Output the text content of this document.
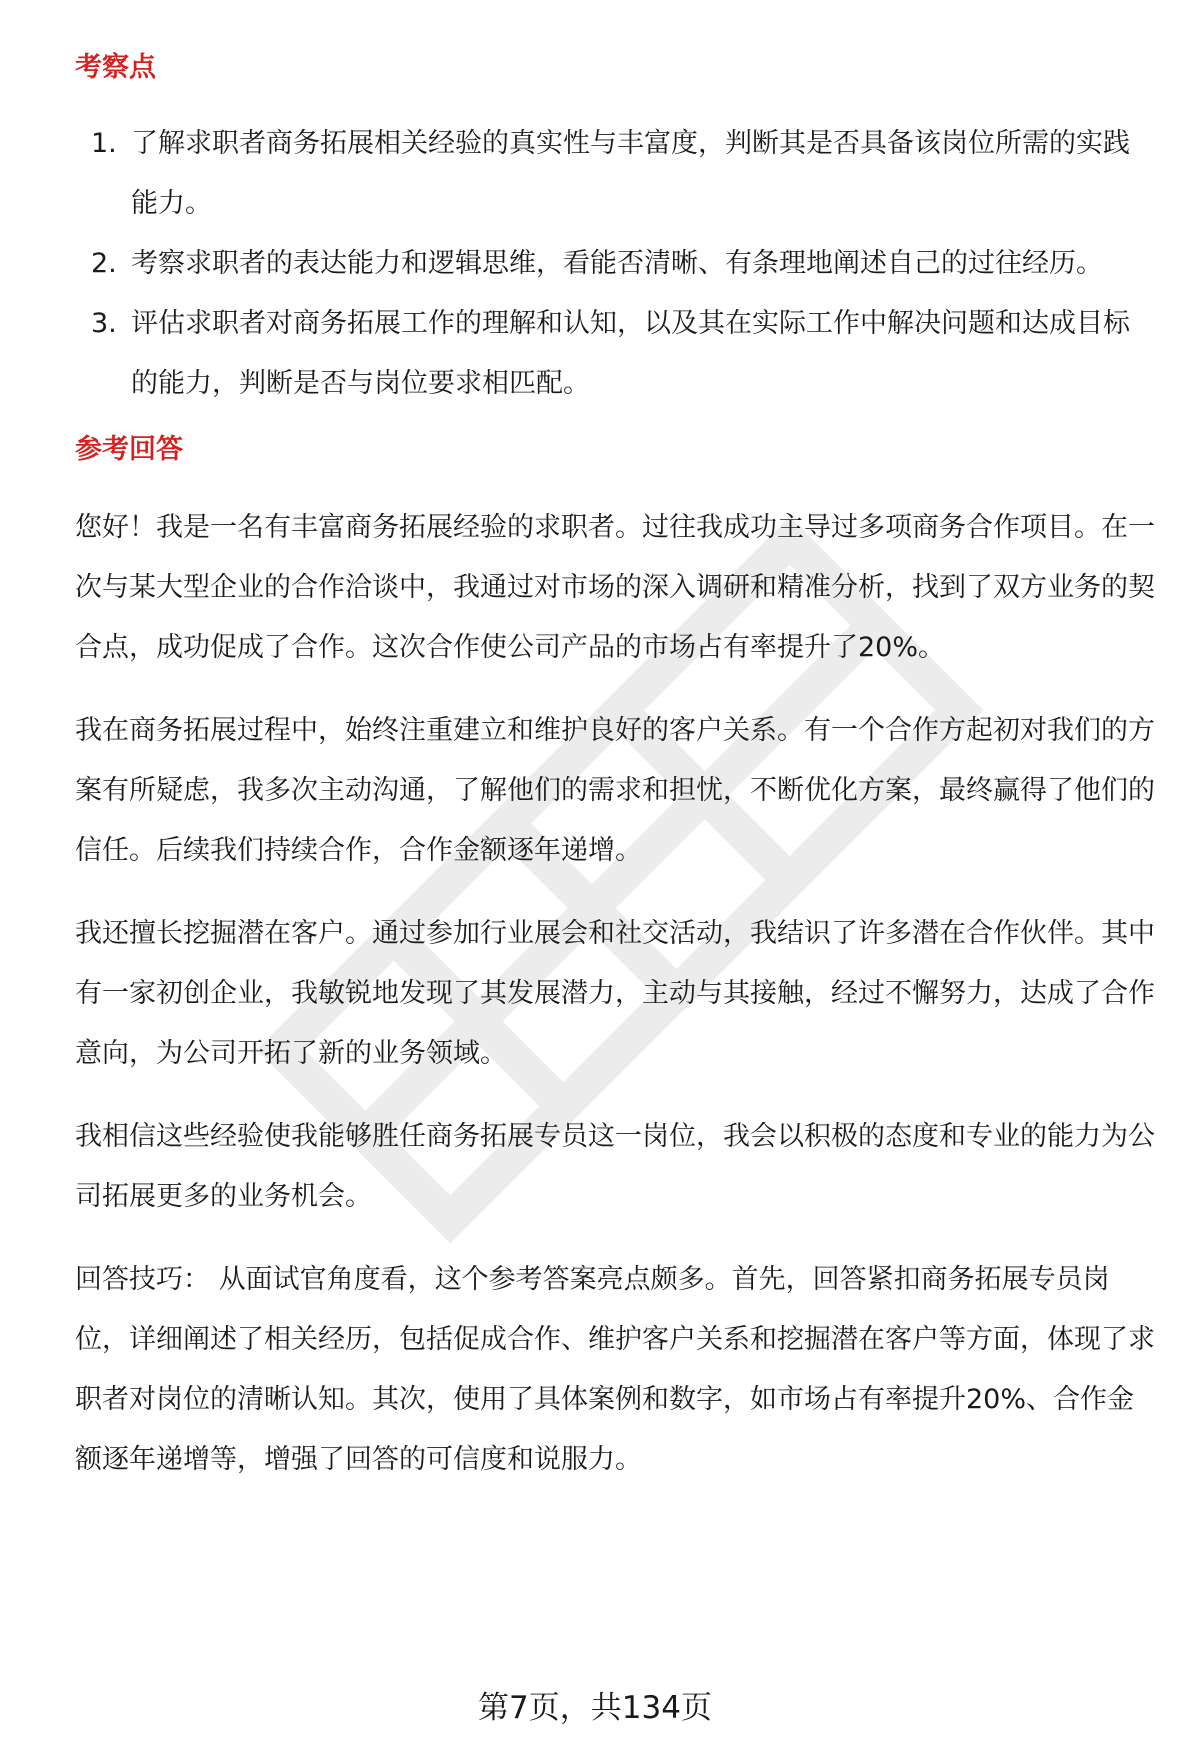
考察点
1. 了解求职者商务拓展相关经验的真实性与丰富度，判断其是否具备该岗位所需的实践能力。
2. 考察求职者的表达能力和逻辑思维，看能否清晰、有条理地阐述自己的过往经历。
3. 评估求职者对商务拓展工作的理解和认知，以及其在实际工作中解决问题和达成目标的能力，判断是否与岗位要求相匹配。
参考回答

您好！我是一名有丰富商务拓展经验的求职者。过往我成功主导过多项商务合作项目。在一次与某大型企业的合作洽谈中，我通过对市场的深入调研和精准分析，找到了双方业务的契合点，成功促成了合作。这次合作使公司产品的市场占有率提升了20%。

我在商务拓展过程中，始终注重建立和维护良好的客户关系。有一个合作方起初对我们的方案有所疑虑，我多次主动沟通，了解他们的需求和担忧，不断优化方案，最终赢得了他们的信任。后续我们持续合作，合作金额逐年递增。

我还擅长挖掘潜在客户。通过参加行业展会和社交活动，我结识了许多潜在合作伙伴。其中有一家初创企业，我敏锐地发现了其发展潜力，主动与其接触，经过不懈努力，达成了合作意向，为公司开拓了新的业务领域。

我相信这些经验使我能够胜任商务拓展专员这一岗位，我会以积极的态度和专业的能力为公司拓展更多的业务机会。

回答技巧： 从面试官角度看，这个参考答案亮点颇多。首先，回答紧扣商务拓展专员岗位，详细阐述了相关经历，包括促成合作、维护客户关系和挖掘潜在客户等方面，体现了求职者对岗位的清晰认知。其次，使用了具体案例和数字，如市场占有率提升20%、合作金额逐年递增等，增强了回答的可信度和说服力。

第7页，共134页
